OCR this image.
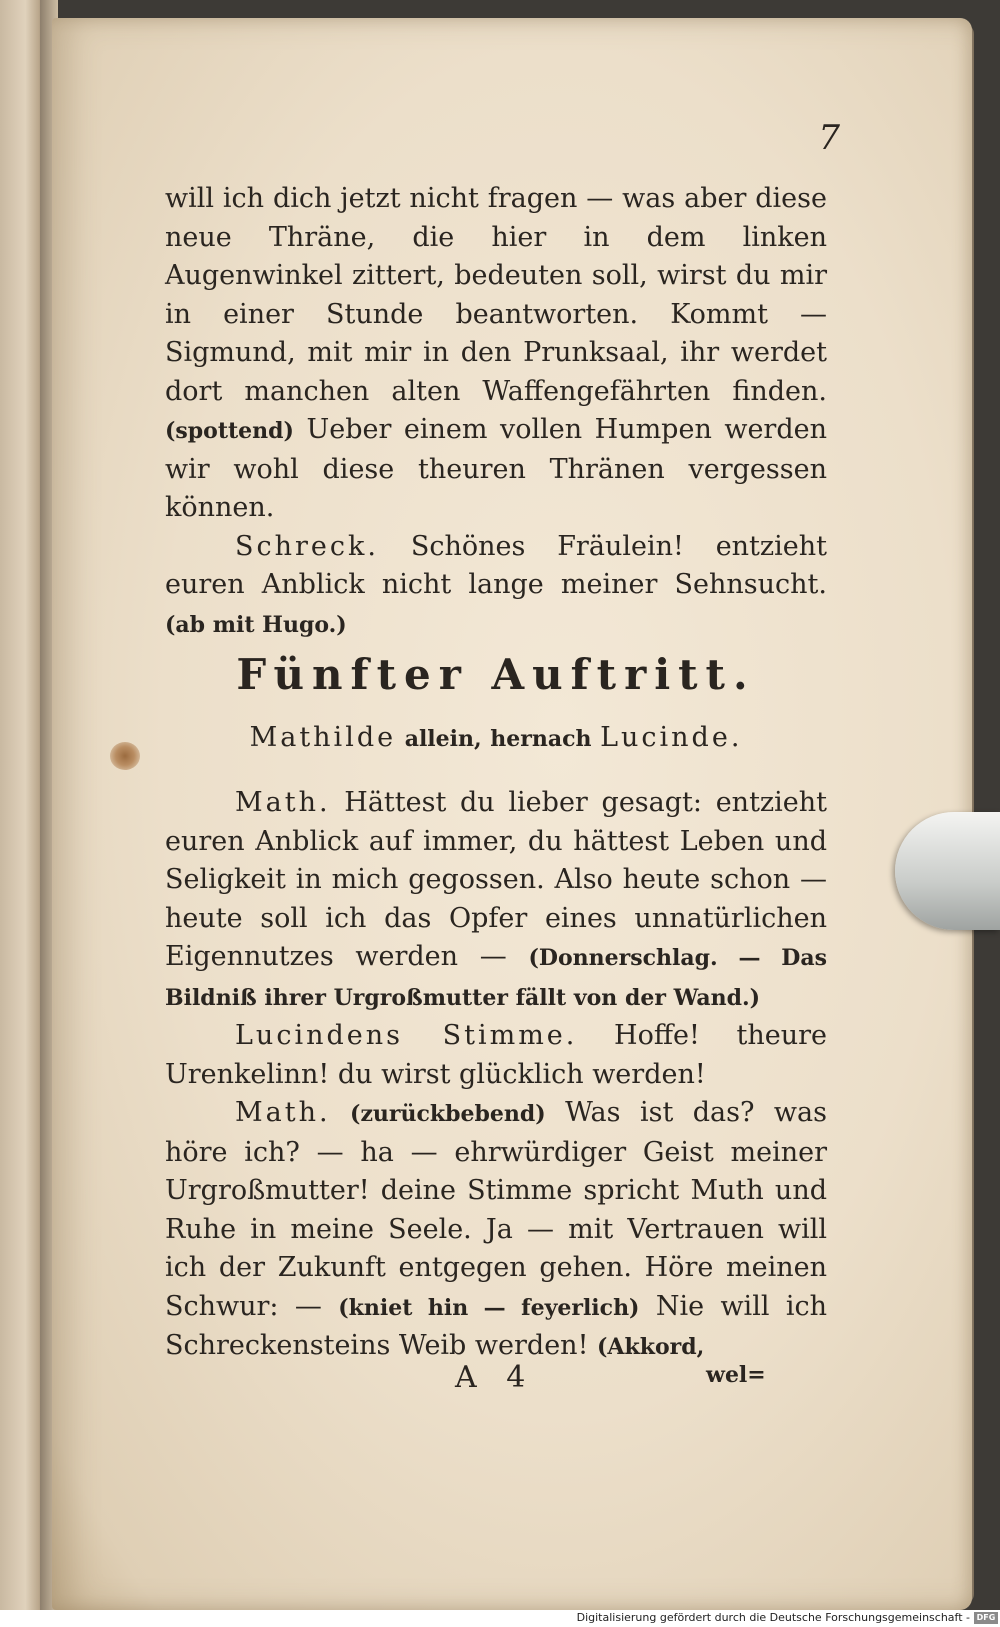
7

will ich dich jetzt nicht fragen — was aber diese neue Thräne, die hier in dem linken Augenwinkel zittert, bedeuten soll, wirst du mir in einer Stunde beantworten. Kommt — Sigmund, mit mir in den Prunksaal, ihr werdet dort manchen alten Waffengefährten finden. (spottend) Ueber einem vollen Humpen werden wir wohl diese theuren Thränen vergessen können.

Schreck. Schönes Fräulein! entzieht euren Anblick nicht lange meiner Sehnsucht. (ab mit Hugo.)

Fünfter Auftritt.
Mathilde allein, hernach Lucinde.

Math. Hättest du lieber gesagt: entzieht euren Anblick auf immer, du hättest Leben und Seligkeit in mich gegossen. Also heute schon — heute soll ich das Opfer eines unnatürlichen Eigennutzes werden — (Donnerschlag. — Das Bildniß ihrer Urgroßmutter fällt von der Wand.)

Lucindens Stimme. Hoffe! theure Urenkelinn! du wirst glücklich werden!

Math. (zurückbebend) Was ist das? was höre ich? — ha — ehrwürdiger Geist meiner Urgroßmutter! deine Stimme spricht Muth und Ruhe in meine Seele. Ja — mit Vertrauen will ich der Zukunft entgegen gehen. Höre meinen Schwur: — (kniet hin — feyerlich) Nie will ich Schreckensteins Weib werden! (Akkord,

A 4	wel=
Digitalisierung gefördert durch die Deutsche Forschungsgemeinschaft - DFG
